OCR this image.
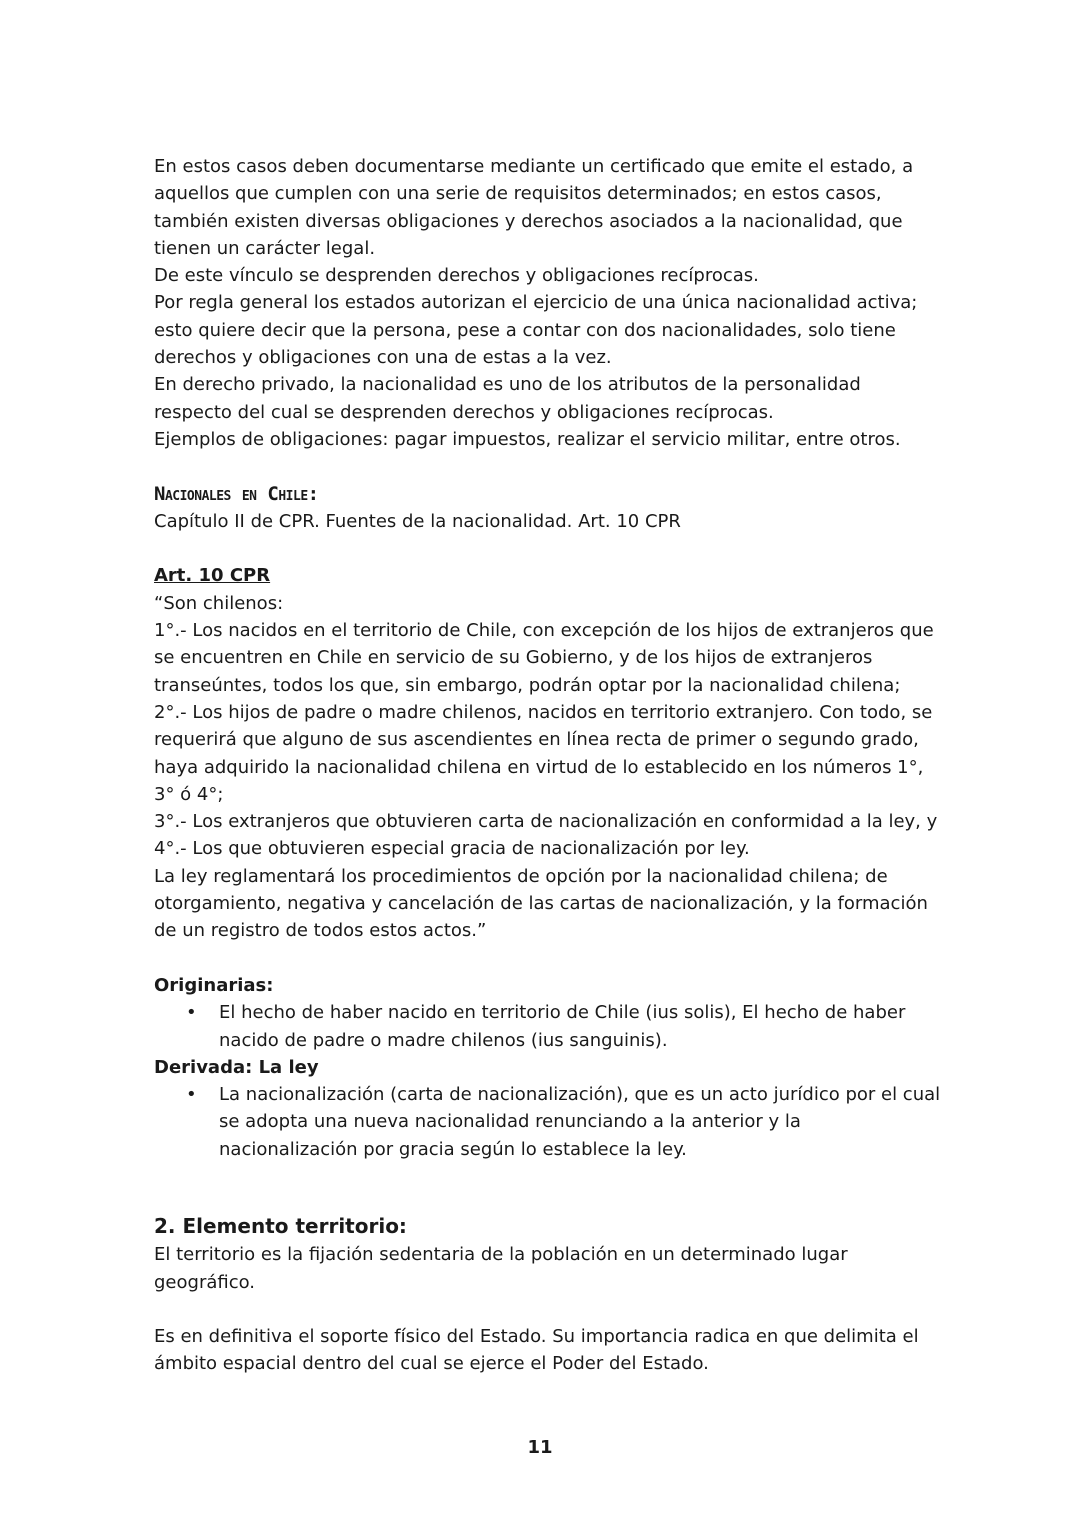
En estos casos deben documentarse mediante un certificado que emite el estado, a

aquellos que cumplen con una serie de requisitos determinados; en estos casos,

también existen diversas obligaciones y derechos asociados a la nacionalidad, que

tienen un carácter legal.

De este vínculo se desprenden derechos y obligaciones recíprocas.

Por regla general los estados autorizan el ejercicio de una única nacionalidad activa;

esto quiere decir que la persona, pese a contar con dos nacionalidades, solo tiene

derechos y obligaciones con una de estas a la vez.

En derecho privado, la nacionalidad es uno de los atributos de la personalidad

respecto del cual se desprenden derechos y obligaciones recíprocas.

Ejemplos de obligaciones: pagar impuestos, realizar el servicio militar, entre otros.

Nacionales en Chile:

Capítulo II de CPR. Fuentes de la nacionalidad. Art. 10 CPR

Art. 10 CPR

“Son chilenos:

1°.- Los nacidos en el territorio de Chile, con excepción de los hijos de extranjeros que

se encuentren en Chile en servicio de su Gobierno, y de los hijos de extranjeros

transeúntes, todos los que, sin embargo, podrán optar por la nacionalidad chilena;

2°.- Los hijos de padre o madre chilenos, nacidos en territorio extranjero. Con todo, se

requerirá que alguno de sus ascendientes en línea recta de primer o segundo grado,

haya adquirido la nacionalidad chilena en virtud de lo establecido en los números 1°,

3° ó 4°;

3°.- Los extranjeros que obtuvieren carta de nacionalización en conformidad a la ley, y

4°.- Los que obtuvieren especial gracia de nacionalización por ley.

La ley reglamentará los procedimientos de opción por la nacionalidad chilena; de

otorgamiento, negativa y cancelación de las cartas de nacionalización, y la formación

de un registro de todos estos actos.”

Originarias:

• El hecho de haber nacido en territorio de Chile (ius solis), El hecho de haber

nacido de padre o madre chilenos (ius sanguinis).

Derivada: La ley

• La nacionalización (carta de nacionalización), que es un acto jurídico por el cual

se adopta una nueva nacionalidad renunciando a la anterior y la

nacionalización por gracia según lo establece la ley.

2. Elemento territorio:

El territorio es la fijación sedentaria de la población en un determinado lugar

geográfico.

Es en definitiva el soporte físico del Estado. Su importancia radica en que delimita el

ámbito espacial dentro del cual se ejerce el Poder del Estado.

11
